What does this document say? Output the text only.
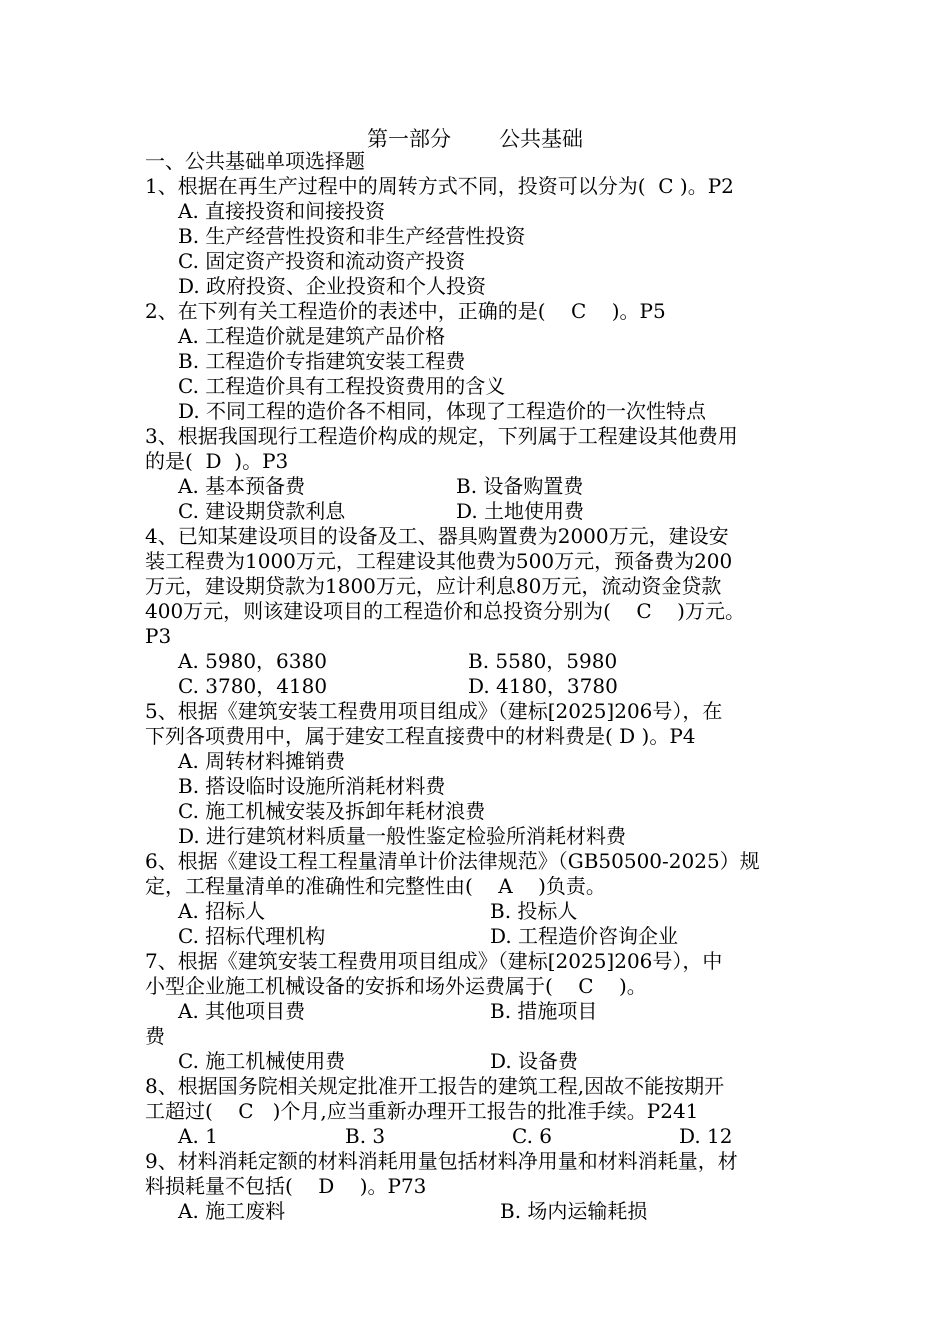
第一部分 公共基础
一、公共基础单项选择题
1、根据在再生产过程中的周转方式不同，投资可以分为(  C )。P2
A. 直接投资和间接投资
B. 生产经营性投资和非生产经营性投资
C. 固定资产投资和流动资产投资
D. 政府投资、企业投资和个人投资
2、在下列有关工程造价的表述中，正确的是(    C    )。P5
A. 工程造价就是建筑产品价格
B. 工程造价专指建筑安装工程费
C. 工程造价具有工程投资费用的含义
D. 不同工程的造价各不相同，体现了工程造价的一次性特点
3、根据我国现行工程造价构成的规定，下列属于工程建设其他费用
的是(  D  )。P3
A. 基本预备费	B. 设备购置费
C. 建设期贷款利息	D. 土地使用费
4、已知某建设项目的设备及工、器具购置费为2000万元，建设安
装工程费为1000万元，工程建设其他费为500万元，预备费为200
万元，建设期贷款为1800万元，应计利息80万元，流动资金贷款
400万元，则该建设项目的工程造价和总投资分别为(    C    )万元。
P3
A. 5980，6380	B. 5580，5980
C. 3780，4180	D. 4180，3780
5、根据《建筑安装工程费用项目组成》（建标[2025]206号），在
下列各项费用中，属于建安工程直接费中的材料费是( D )。P4
A. 周转材料摊销费
B. 搭设临时设施所消耗材料费
C. 施工机械安装及拆卸年耗材浪费
D. 进行建筑材料质量一般性鉴定检验所消耗材料费
6、根据《建设工程工程量清单计价法律规范》（GB50500-2025）规
定，工程量清单的准确性和完整性由(    A    )负责。
A. 招标人	B. 投标人
C. 招标代理机构	D. 工程造价咨询企业
7、根据《建筑安装工程费用项目组成》（建标[2025]206号），中
小型企业施工机械设备的安拆和场外运费属于(    C    )。
A. 其他项目费	B. 措施项目
费
C. 施工机械使用费	D. 设备费
8、根据国务院相关规定批准开工报告的建筑工程,因故不能按期开
工超过(    C   )个月,应当重新办理开工报告的批准手续。P241
A. 1	B. 3	C. 6	D. 12
9、材料消耗定额的材料消耗用量包括材料净用量和材料消耗量，材
料损耗量不包括(    D    )。P73
A. 施工废料	B. 场内运输耗损
